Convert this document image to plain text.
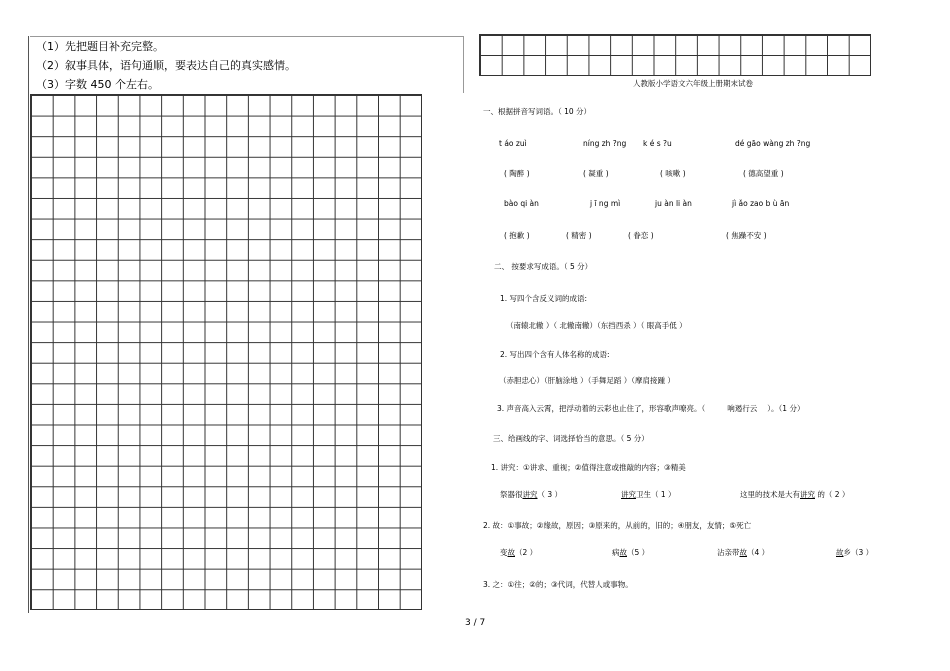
（1）先把题目补充完整。
（2）叙事具体，语句通顺，要表达自己的真实感情。
（3）字数 450 个左右。	人教版小学语文六年级上册期末试卷
一、根据拼音写词语。（ 10 分）
t áo zuì	níng zh ?ng k é s ?u	dé gāo wàng zh ?ng
( 陶醉 )	( 凝重 )	( 咳嗽 )	( 德高望重 )
bào qi àn	j ī ng mì	ju àn li àn	jì ǎo zao b ù ān
( 抱歉 )	( 精密 )	( 眷恋 )	( 焦躁不安 )
二、 按要求写成语。（ 5 分）
1. 写四个含反义词的成语:
（南辕北辙 ）（ 北辙南辙）（东挡西杀 ）（ 眼高手低 ）
2. 写出四个含有人体名称的成语:
（赤胆忠心）（肝脑涂地 ）（手舞足蹈 ）（摩肩接踵 ）
3. 声音高入云霄，把浮动着的云彩也止住了，形容歌声嘹亮。（	响遏行云 ）。（1 分）
三、给画线的字、词选择恰当的意思。（ 5 分）
1. 讲究：①讲求、重视；②值得注意或推敲的内容；③精美
祭器很讲究（ 3 ）	讲究卫生（ 1 ）	这里的技术是大有讲究 的（ 2 ）
2. 故：①事故；②缘故，原因；③原来的，从前的，旧的；④朋友，友情；⑤死亡
变故（2 ）	病故（5 ）	沾亲带故（4 ）	故乡（3 ）
3. 之：①往；②的；③代词，代替人或事物。
3 / 7
